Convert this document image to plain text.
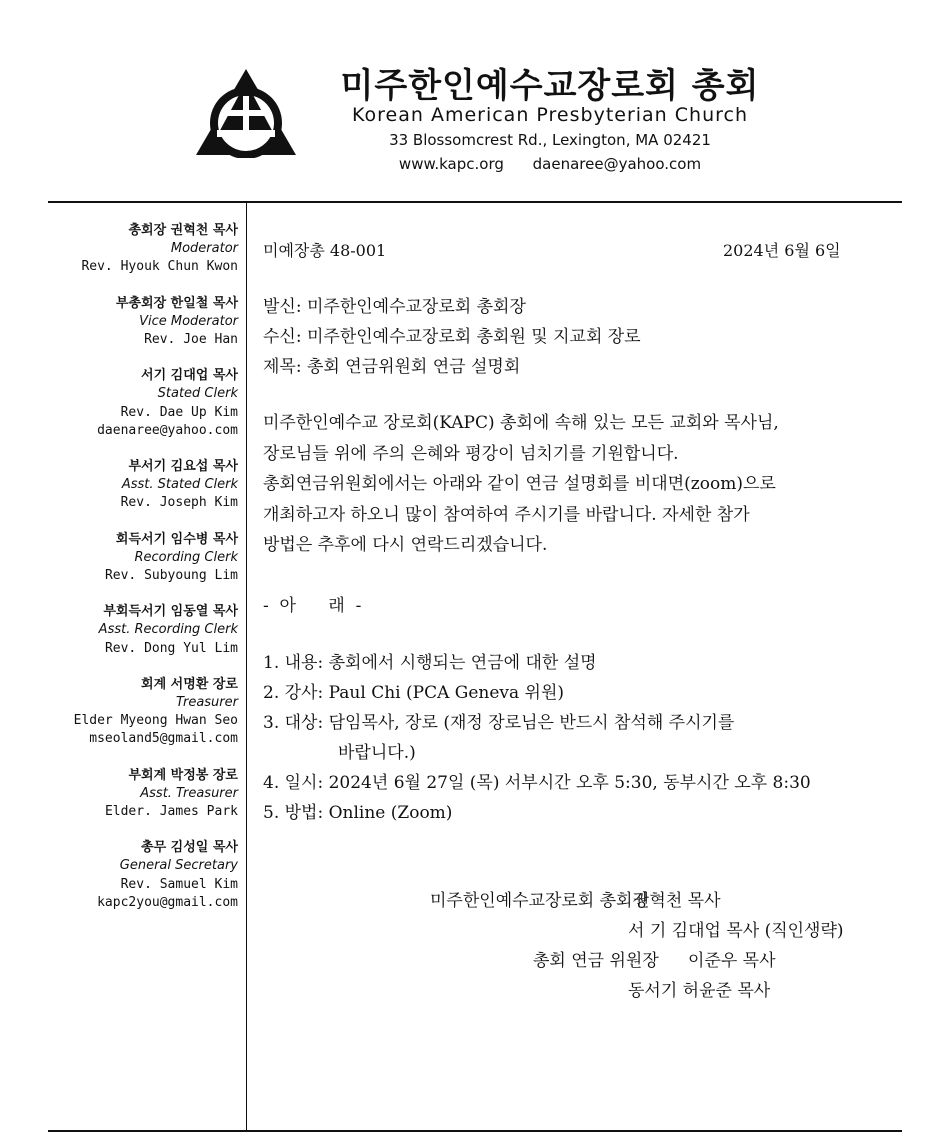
미주한인예수교장로회 총회
Korean American Presbyterian Church
33 Blossomcrest Rd., Lexington, MA 02421
www.kapc.org daenaree@yahoo.com
총회장 권혁천 목사
Moderator
Rev. Hyouk Chun Kwon
부총회장 한일철 목사
Vice Moderator
Rev. Joe Han
서기 김대업 목사
Stated Clerk
Rev. Dae Up Kim
daenaree@yahoo.com
부서기 김요섭 목사
Asst. Stated Clerk
Rev. Joseph Kim
회득서기 임수병 목사
Recording Clerk
Rev. Subyoung Lim
부회득서기 임동열 목사
Asst. Recording Clerk
Rev. Dong Yul Lim
회계 서명환 장로
Treasurer
Elder Myeong Hwan Seo
mseoland5@gmail.com
부회계 박정봉 장로
Asst. Treasurer
Elder. James Park
총무 김성일 목사
General Secretary
Rev. Samuel Kim
kapc2you@gmail.com
미예장총 48-001	2024년 6월 6일
발신: 미주한인예수교장로회 총회장
수신: 미주한인예수교장로회 총회원 및 지교회 장로
제목: 총회 연금위원회 연금 설명회
미주한인예수교 장로회(KAPC) 총회에 속해 있는 모든 교회와 목사님,
장로님들 위에 주의 은혜와 평강이 넘치기를 기원합니다.
총회연금위원회에서는 아래와 같이 연금 설명회를 비대면(zoom)으로
개최하고자 하오니 많이 참여하여 주시기를 바랍니다. 자세한 참가
방법은 추후에 다시 연락드리겠습니다.
-  아      래  -
1. 내용: 총회에서 시행되는 연금에 대한 설명
2. 강사: Paul Chi (PCA Geneva 위원)
3. 대상: 담임목사, 장로 (재정 장로님은 반드시 참석해 주시기를
바랍니다.)
4. 일시: 2024년 6월 27일 (목) 서부시간 오후 5:30, 동부시간 오후 8:30
5. 방법: Online (Zoom)
미주한인예수교장로회 총회장
권혁천 목사
서 기 김대업 목사 (직인생략)
총회 연금 위원장 이준우 목사
동서기 허윤준 목사
